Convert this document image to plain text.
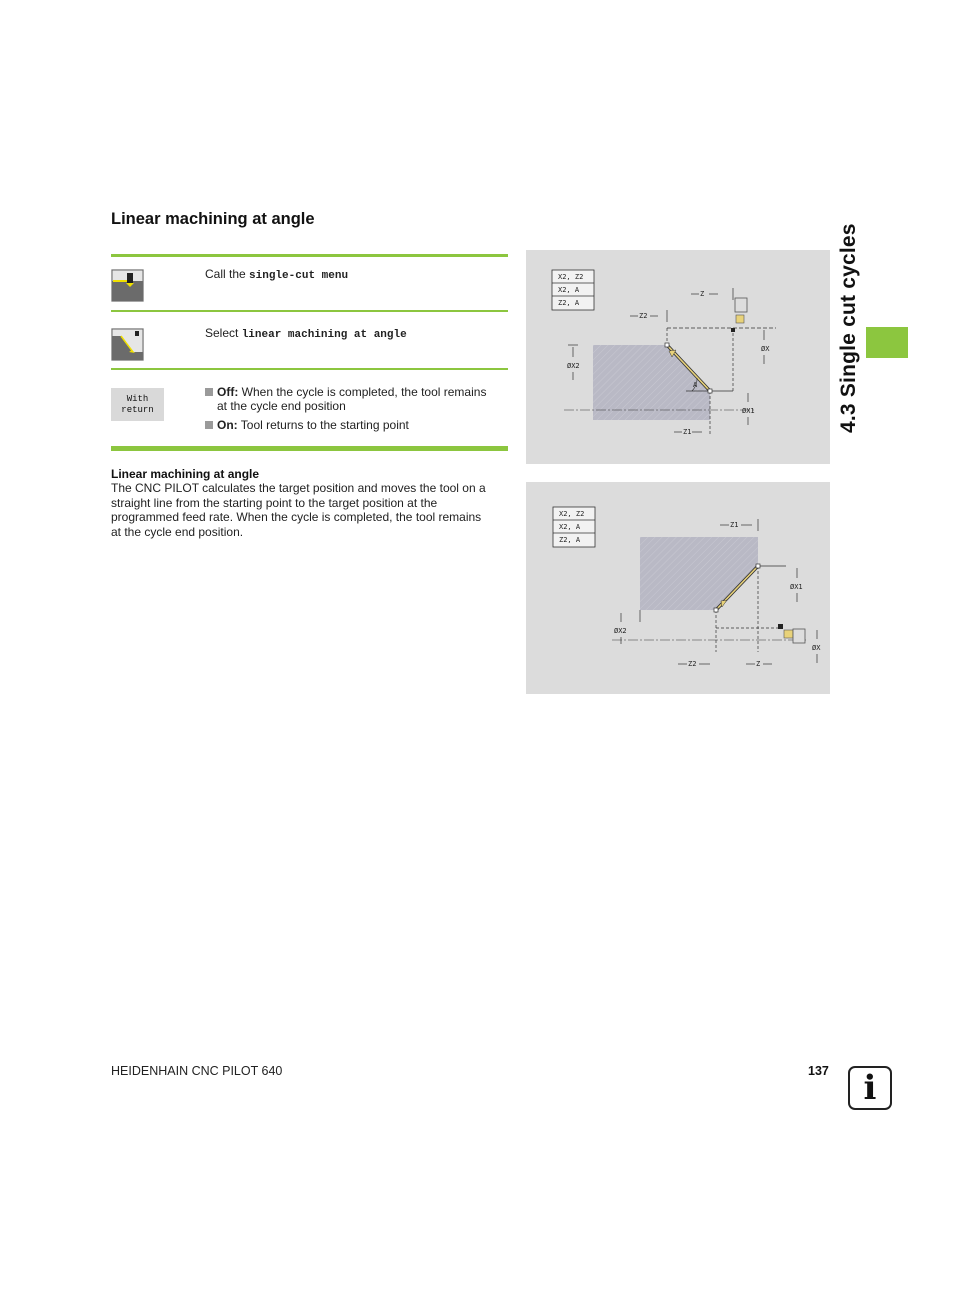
Linear machining at angle
Call the single-cut menu
Select linear machining at angle
With
return
Off: When the cycle is completed, the tool remains
at the cycle end position
On: Tool returns to the starting point
Linear machining at angle
The CNC PILOT calculates the target position and moves the tool on a
straight line from the starting point to the target position at the
programmed feed rate. When the cycle is completed, the tool remains
at the cycle end position.
X2, Z2
X2, A
Z2, A
A
Z
Z2
ØX
ØX2
ØX1
Z1
X2, Z2
X2, A
Z2, A
Z1
ØX1
ØX2
ØX
Z2	Z
4.3 Single cut cycles
HEIDENHAIN CNC PILOT 640	137	i
